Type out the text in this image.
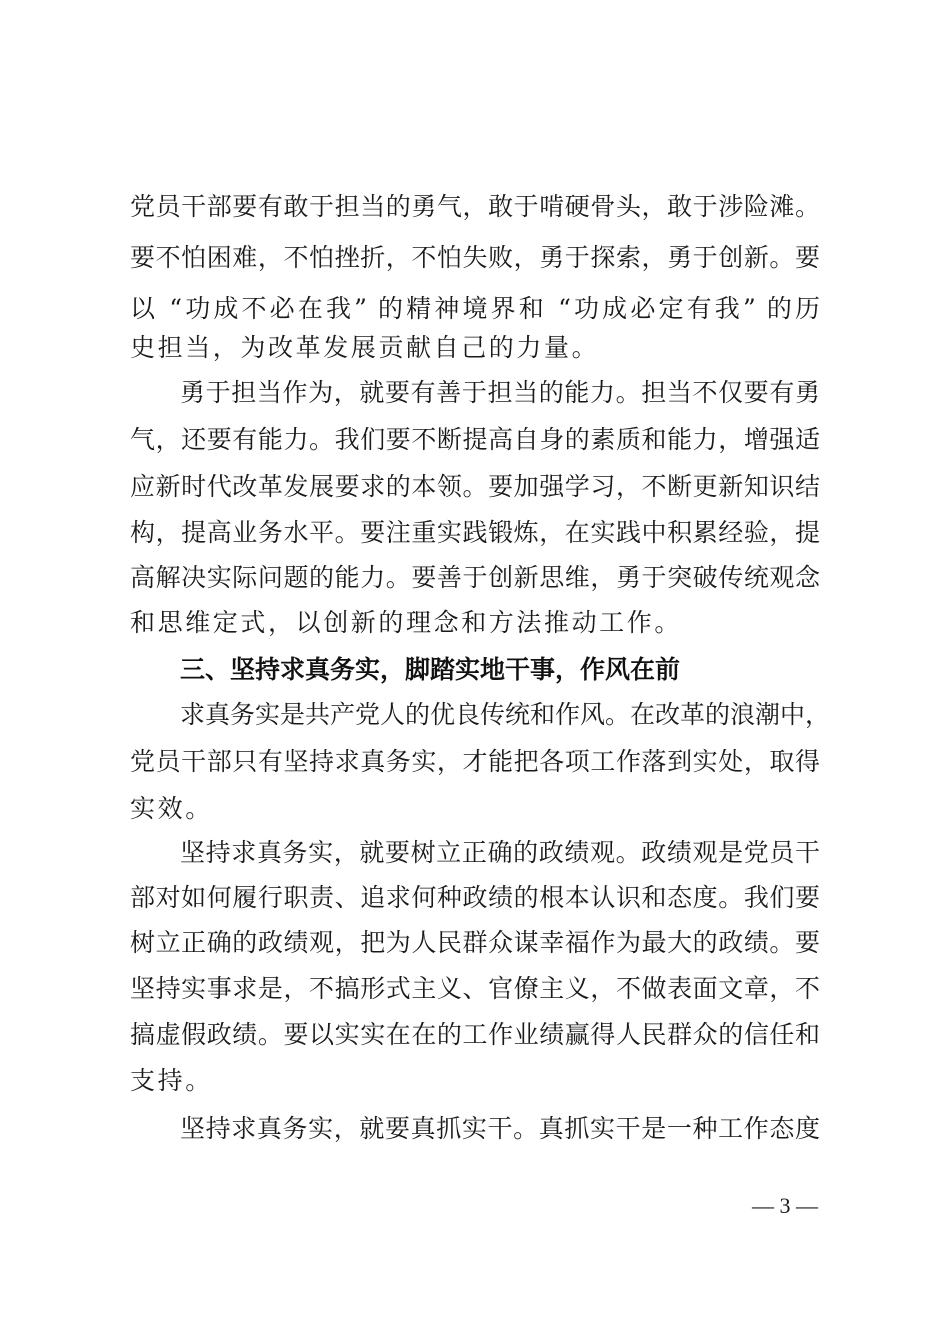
党员干部要有敢于担当的勇气，敢于啃硬骨头，敢于涉险滩。
要不怕困难，不怕挫折，不怕失败，勇于探索，勇于创新。要
以 “功成不必在我” 的精神境界和 “功成必定有我” 的历
史担当，为改革发展贡献自己的力量。
勇于担当作为，就要有善于担当的能力。担当不仅要有勇
气，还要有能力。我们要不断提高自身的素质和能力，增强适
应新时代改革发展要求的本领。要加强学习，不断更新知识结
构，提高业务水平。要注重实践锻炼，在实践中积累经验，提
高解决实际问题的能力。要善于创新思维，勇于突破传统观念
和思维定式，以创新的理念和方法推动工作。
三、坚持求真务实，脚踏实地干事，作风在前
求真务实是共产党人的优良传统和作风。在改革的浪潮中，
党员干部只有坚持求真务实，才能把各项工作落到实处，取得
实效。
坚持求真务实，就要树立正确的政绩观。政绩观是党员干
部对如何履行职责、追求何种政绩的根本认识和态度。我们要
树立正确的政绩观，把为人民群众谋幸福作为最大的政绩。要
坚持实事求是，不搞形式主义、官僚主义，不做表面文章，不
搞虚假政绩。要以实实在在的工作业绩赢得人民群众的信任和
支持。
坚持求真务实，就要真抓实干。真抓实干是一种工作态度
— 3 —
